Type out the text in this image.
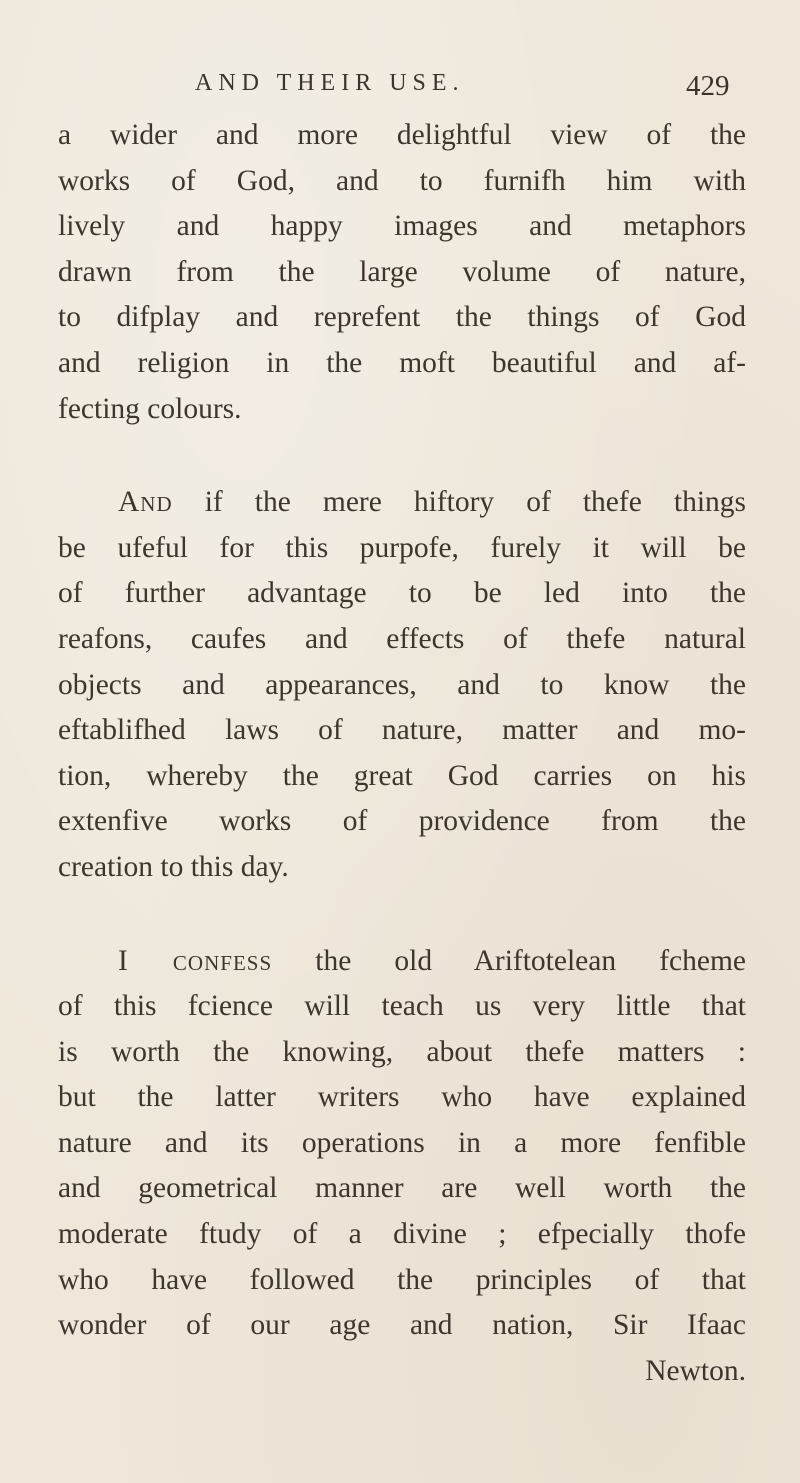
AND THEIR USE.	429
a wider and more delightful view of the
works of God, and to furnifh him with
lively and happy images and metaphors
drawn from the large volume of nature,
to difplay and reprefent the things of God
and religion in the moft beautiful and af-
fecting colours.
And if the mere hiftory of thefe things
be ufeful for this purpofe, furely it will be
of further advantage to be led into the
reafons, caufes and effects of thefe natural
objects and appearances, and to know the
eftablifhed laws of nature, matter and mo-
tion, whereby the great God carries on his
extenfive works of providence from the
creation to this day.
I confess the old Ariftotelean fcheme
of this fcience will teach us very little that
is worth the knowing, about thefe matters :
but the latter writers who have explained
nature and its operations in a more fenfible
and geometrical manner are well worth the
moderate ftudy of a divine ; efpecially thofe
who have followed the principles of that
wonder of our age and nation, Sir Ifaac
Newton.
